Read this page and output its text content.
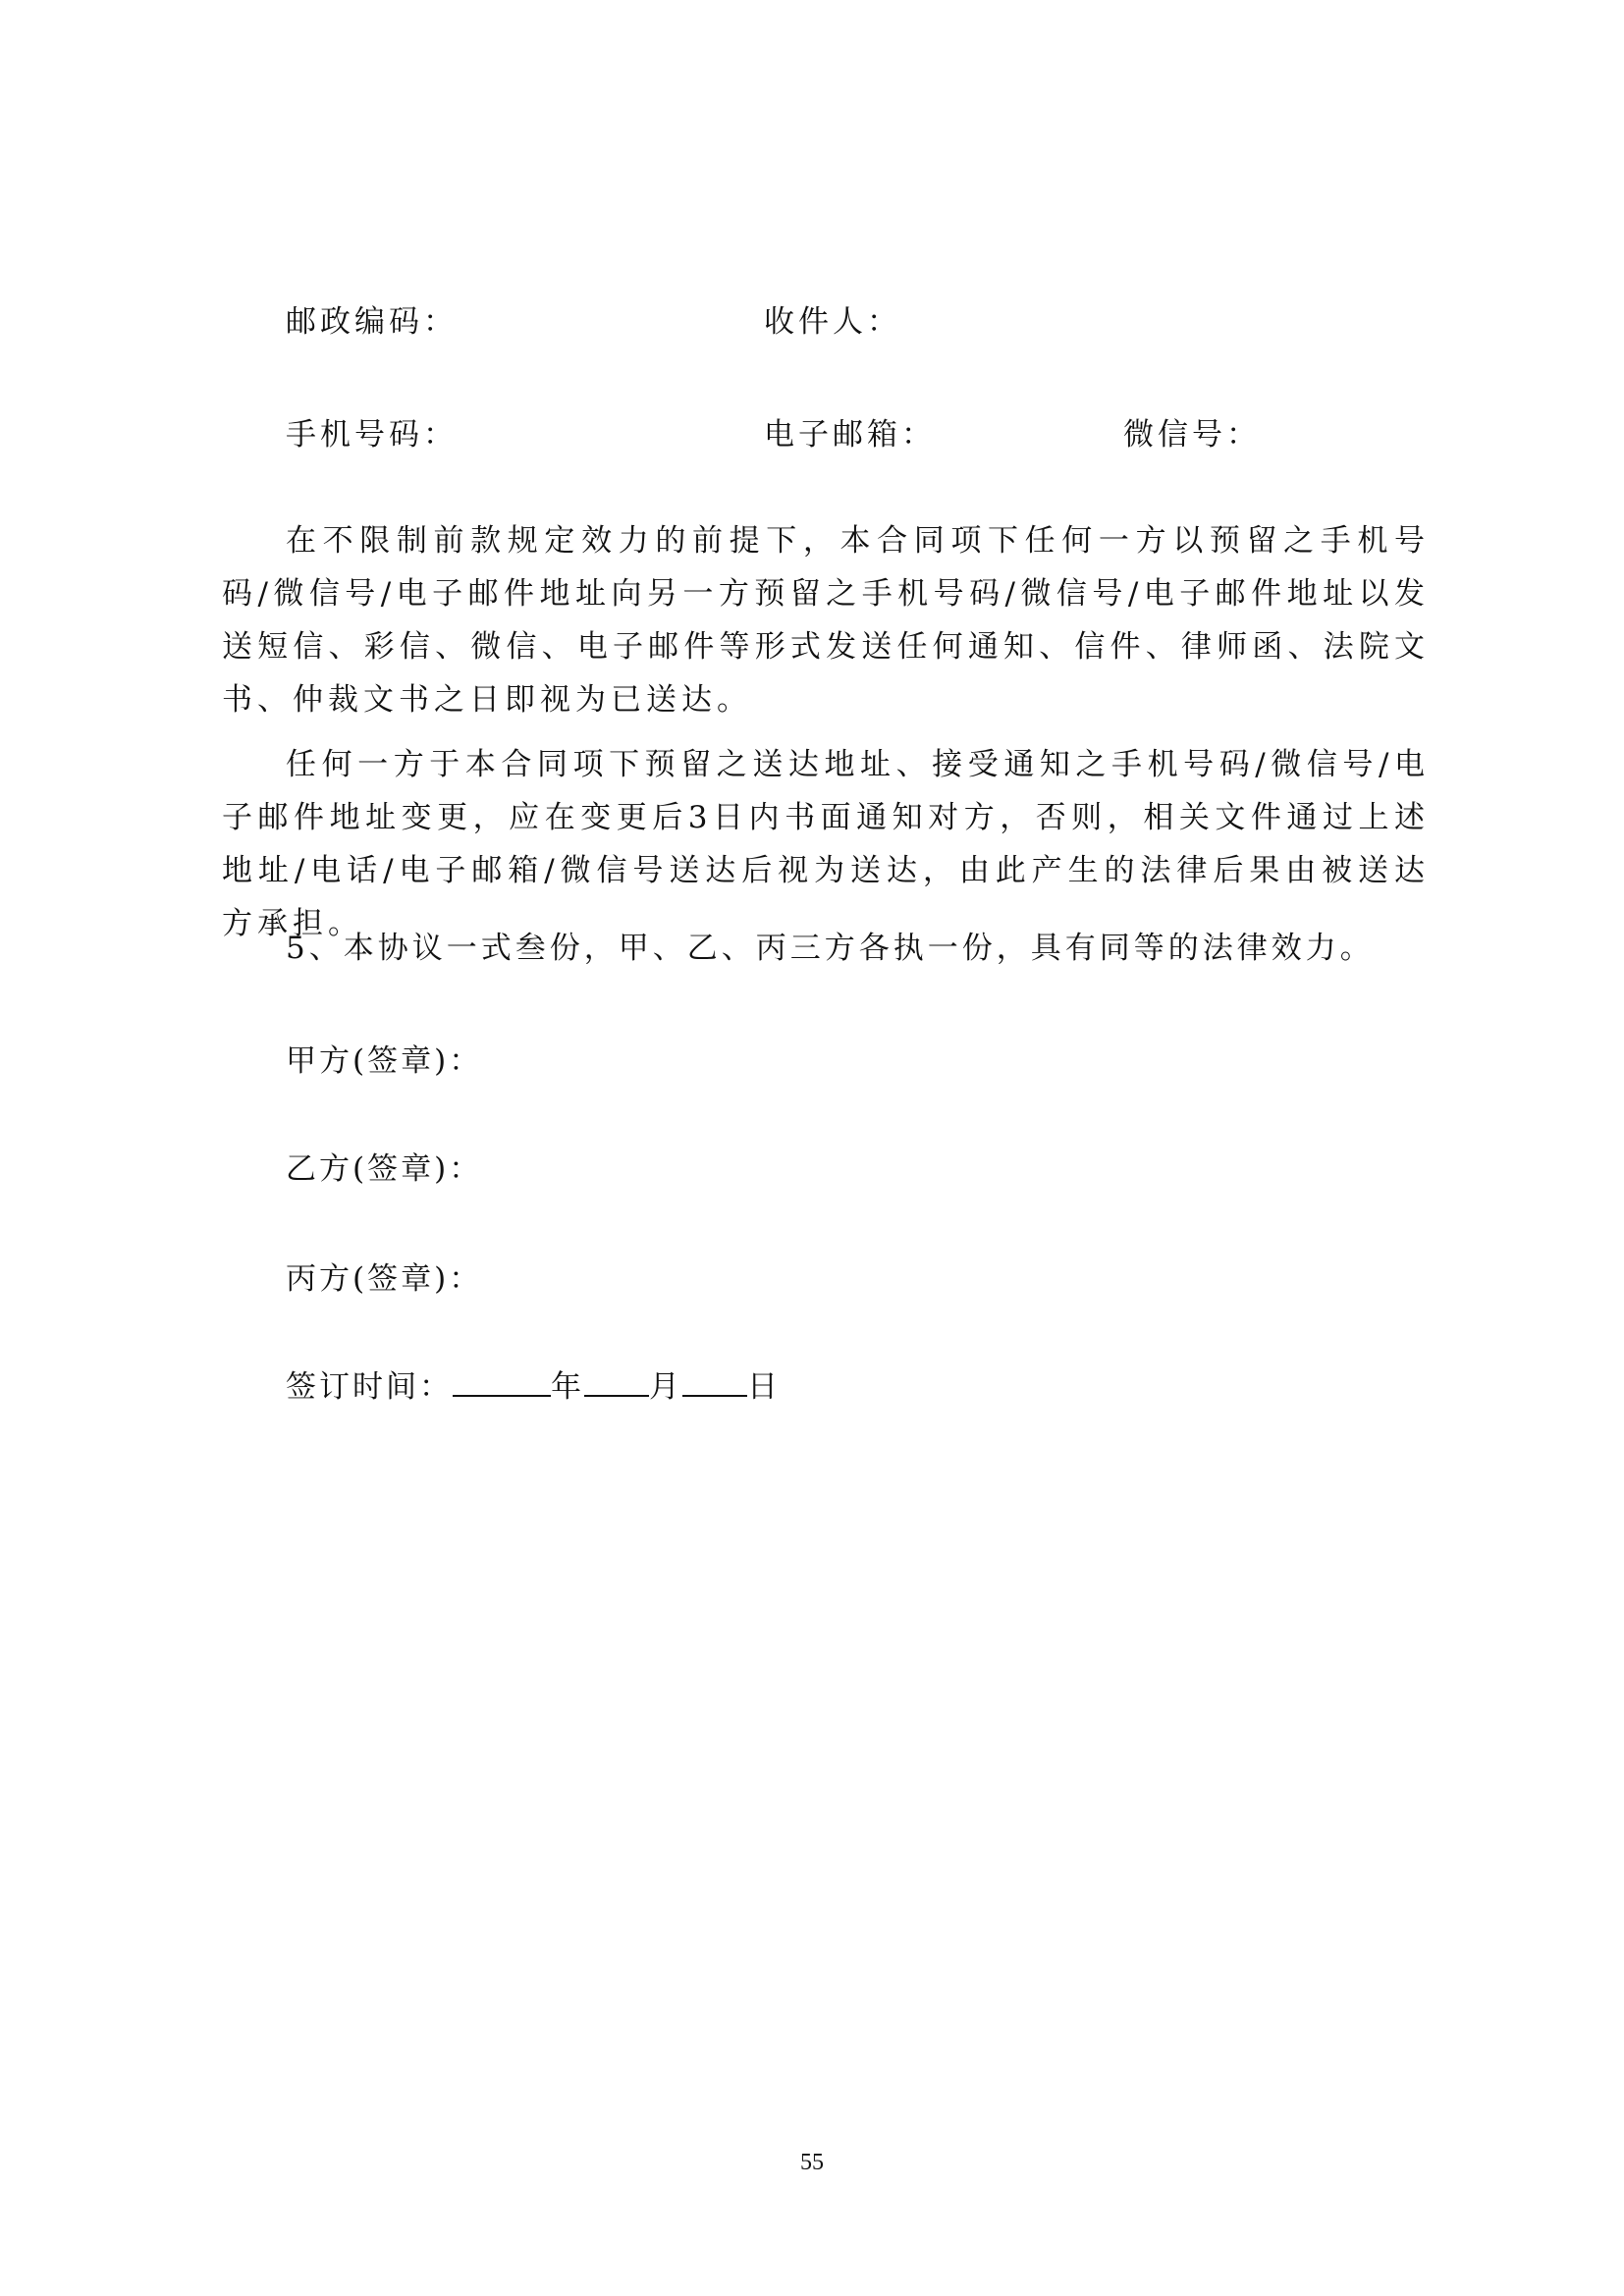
邮政编码：	收件人：
手机号码：	电子邮箱：	微信号：

在不限制前款规定效力的前提下，本合同项下任何一方以预留之手机号码/微信号/电子邮件地址向另一方预留之手机号码/微信号/电子邮件地址以发送短信、彩信、微信、电子邮件等形式发送任何通知、信件、律师函、法院文书、仲裁文书之日即视为已送达。

任何一方于本合同项下预留之送达地址、接受通知之手机号码/微信号/电子邮件地址变更，应在变更后3日内书面通知对方，否则，相关文件通过上述地址/电话/电子邮箱/微信号送达后视为送达，由此产生的法律后果由被送达方承担。

5、本协议一式叁份，甲、乙、丙三方各执一份，具有同等的法律效力。

甲方(签章)：
乙方(签章)：
丙方(签章)：
签订时间：	年 月 日
55
